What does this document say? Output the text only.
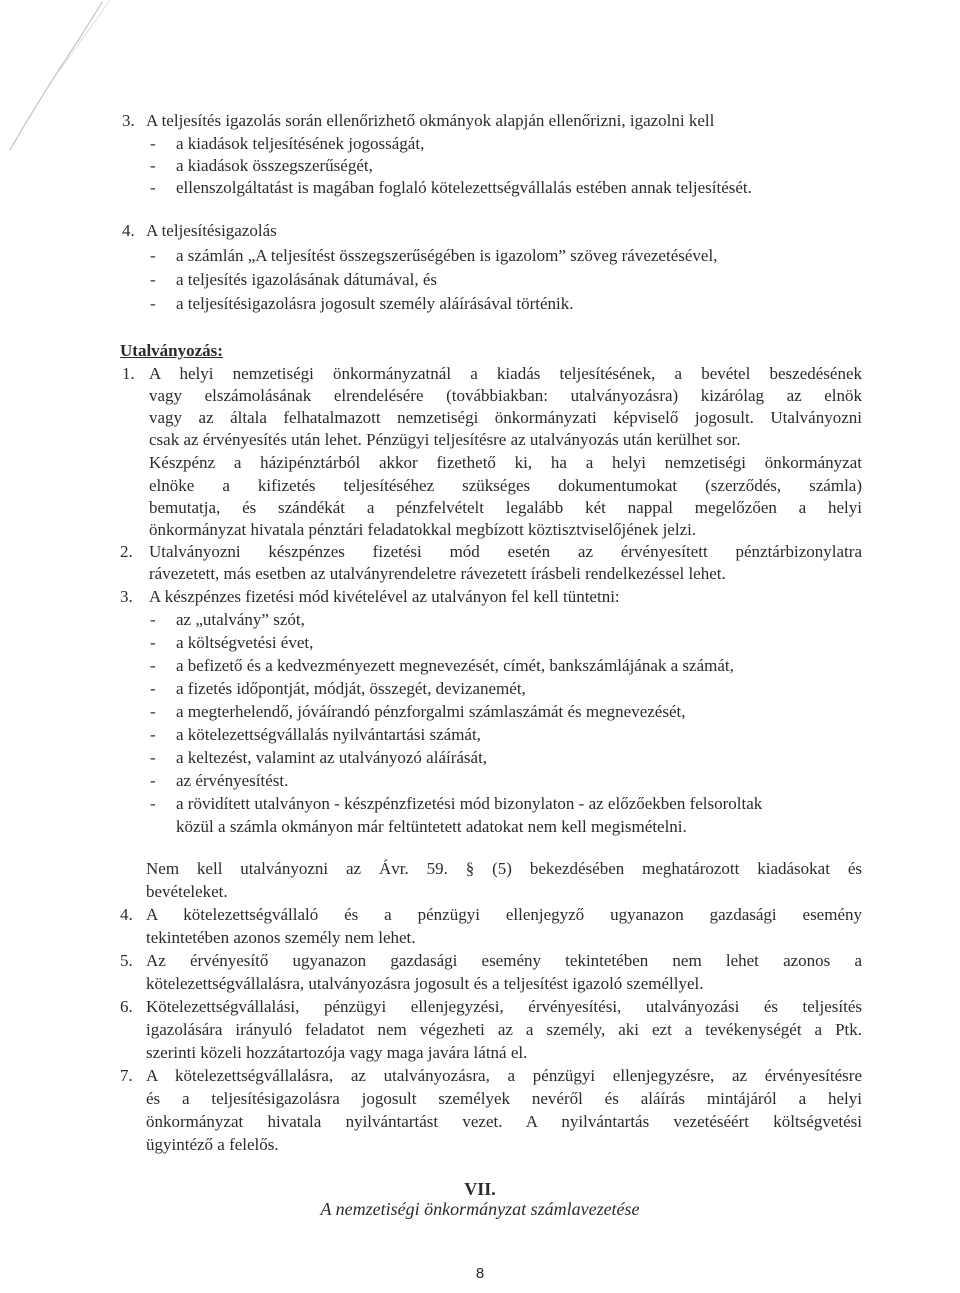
3. A teljesítés igazolás során ellenőrizhető okmányok alapján ellenőrizni, igazolni kell
- a kiadások teljesítésének jogosságát,
- a kiadások összegszerűségét,
- ellenszolgáltatást is magában foglaló kötelezettségvállalás estében annak teljesítését.
4. A teljesítésigazolás
- a számlán „A teljesítést összegszerűségében is igazolom” szöveg rávezetésével,
- a teljesítés igazolásának dátumával, és
- a teljesítésigazolásra jogosult személy aláírásával történik.
Utalványozás:
1. A helyi nemzetiségi önkormányzatnál a kiadás teljesítésének, a bevétel beszedésének
vagy elszámolásának elrendelésére (továbbiakban: utalványozásra) kizárólag az elnök
vagy az általa felhatalmazott nemzetiségi önkormányzati képviselő jogosult. Utalványozni
csak az érvényesítés után lehet. Pénzügyi teljesítésre az utalványozás után kerülhet sor.
Készpénz a házipénztárból akkor fizethető ki, ha a helyi nemzetiségi önkormányzat
elnöke a kifizetés teljesítéséhez szükséges dokumentumokat (szerződés, számla)
bemutatja, és szándékát a pénzfelvételt legalább két nappal megelőzően a helyi
önkormányzat hivatala pénztári feladatokkal megbízott köztisztviselőjének jelzi.
2. Utalványozni készpénzes fizetési mód esetén az érvényesített pénztárbizonylatra
rávezetett, más esetben az utalványrendeletre rávezetett írásbeli rendelkezéssel lehet.
3. A készpénzes fizetési mód kivételével az utalványon fel kell tüntetni:
- az „utalvány” szót,
- a költségvetési évet,
- a befizető és a kedvezményezett megnevezését, címét, bankszámlájának a számát,
- a fizetés időpontját, módját, összegét, devizanemét,
- a megterhelendő, jóváírandó pénzforgalmi számlaszámát és megnevezését,
- a kötelezettségvállalás nyilvántartási számát,
- a keltezést, valamint az utalványozó aláírását,
- az érvényesítést.
- a rövidített utalványon - készpénzfizetési mód bizonylaton - az előzőekben felsoroltak
közül a számla okmányon már feltüntetett adatokat nem kell megismételni.
Nem kell utalványozni az Ávr. 59. § (5) bekezdésében meghatározott kiadásokat és
bevételeket.
4. A kötelezettségvállaló és a pénzügyi ellenjegyző ugyanazon gazdasági esemény
tekintetében azonos személy nem lehet.
5. Az érvényesítő ugyanazon gazdasági esemény tekintetében nem lehet azonos a
kötelezettségvállalásra, utalványozásra jogosult és a teljesítést igazoló személlyel.
6. Kötelezettségvállalási, pénzügyi ellenjegyzési, érvényesítési, utalványozási és teljesítés
igazolására irányuló feladatot nem végezheti az a személy, aki ezt a tevékenységét a Ptk.
szerinti közeli hozzátartozója vagy maga javára látná el.
7. A kötelezettségvállalásra, az utalványozásra, a pénzügyi ellenjegyzésre, az érvényesítésre
és a teljesítésigazolásra jogosult személyek nevéről és aláírás mintájáról a helyi
önkormányzat hivatala nyilvántartást vezet. A nyilvántartás vezetéséért költségvetési
ügyintéző a felelős.
VII.
A nemzetiségi önkormányzat számlavezetése
8
